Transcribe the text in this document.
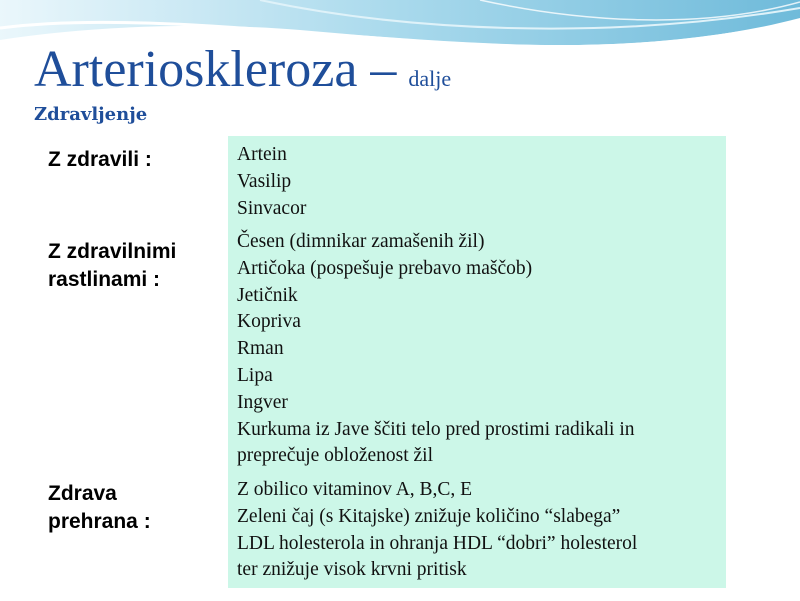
Arterioskleroza – dalje
Zdravljenje
Z zdravili :	Artein
Vasilip
Sinvacor
Z zdravilnimi
rastlinami :
Česen (dimnikar zamašenih žil)
Artičoka (pospešuje prebavo maščob)
Jetičnik
Kopriva
Rman
Lipa
Ingver
Kurkuma iz Jave ščiti telo pred prostimi radikali in
preprečuje obloženost žil
Zdrava
prehrana :
Z obilico vitaminov A, B,C, E
Zeleni čaj (s Kitajske) znižuje količino “slabega”
LDL holesterola in ohranja HDL “dobri” holesterol
ter znižuje visok krvni pritisk
